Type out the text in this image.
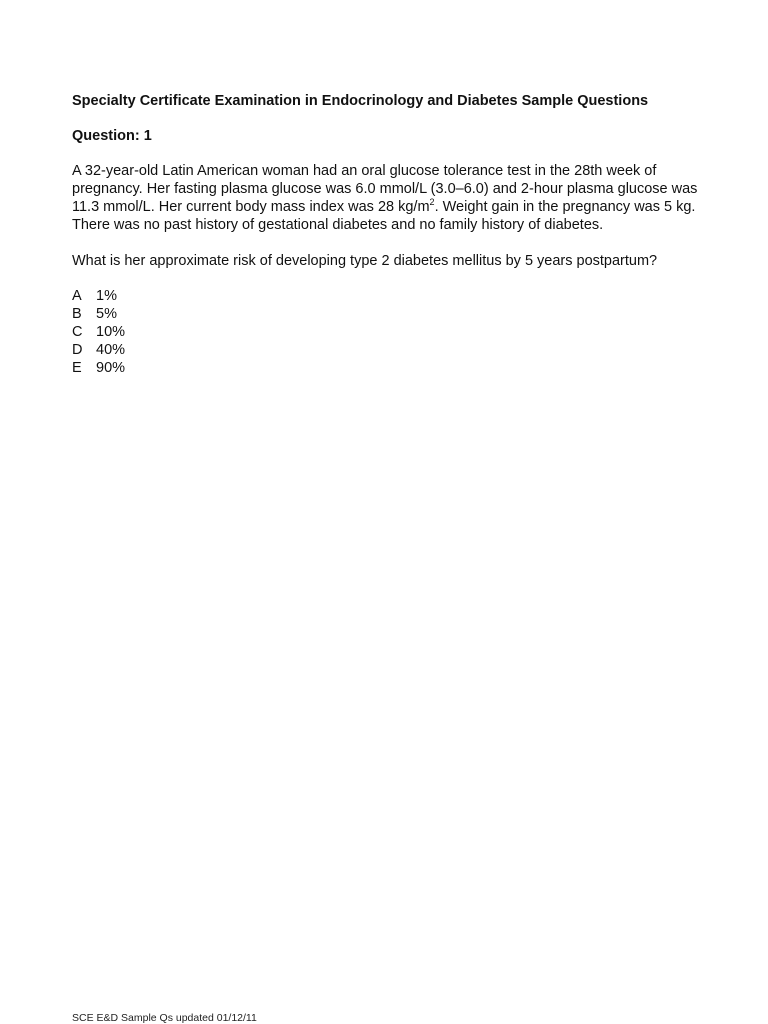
Specialty Certificate Examination in Endocrinology and Diabetes Sample Questions

Question: 1

A 32-year-old Latin American woman had an oral glucose tolerance test in the 28th week of pregnancy. Her fasting plasma glucose was 6.0 mmol/L (3.0–6.0) and 2-hour plasma glucose was 11.3 mmol/L. Her current body mass index was 28 $kg/m^2$. Weight gain in the pregnancy was 5 kg. There was no past history of gestational diabetes and no family history of diabetes.

What is her approximate risk of developing type 2 diabetes mellitus by 5 years postpartum?

A 1%
B 5%
C 10%
D 40%
E 90%
SCE E&D Sample Qs updated 01/12/11
